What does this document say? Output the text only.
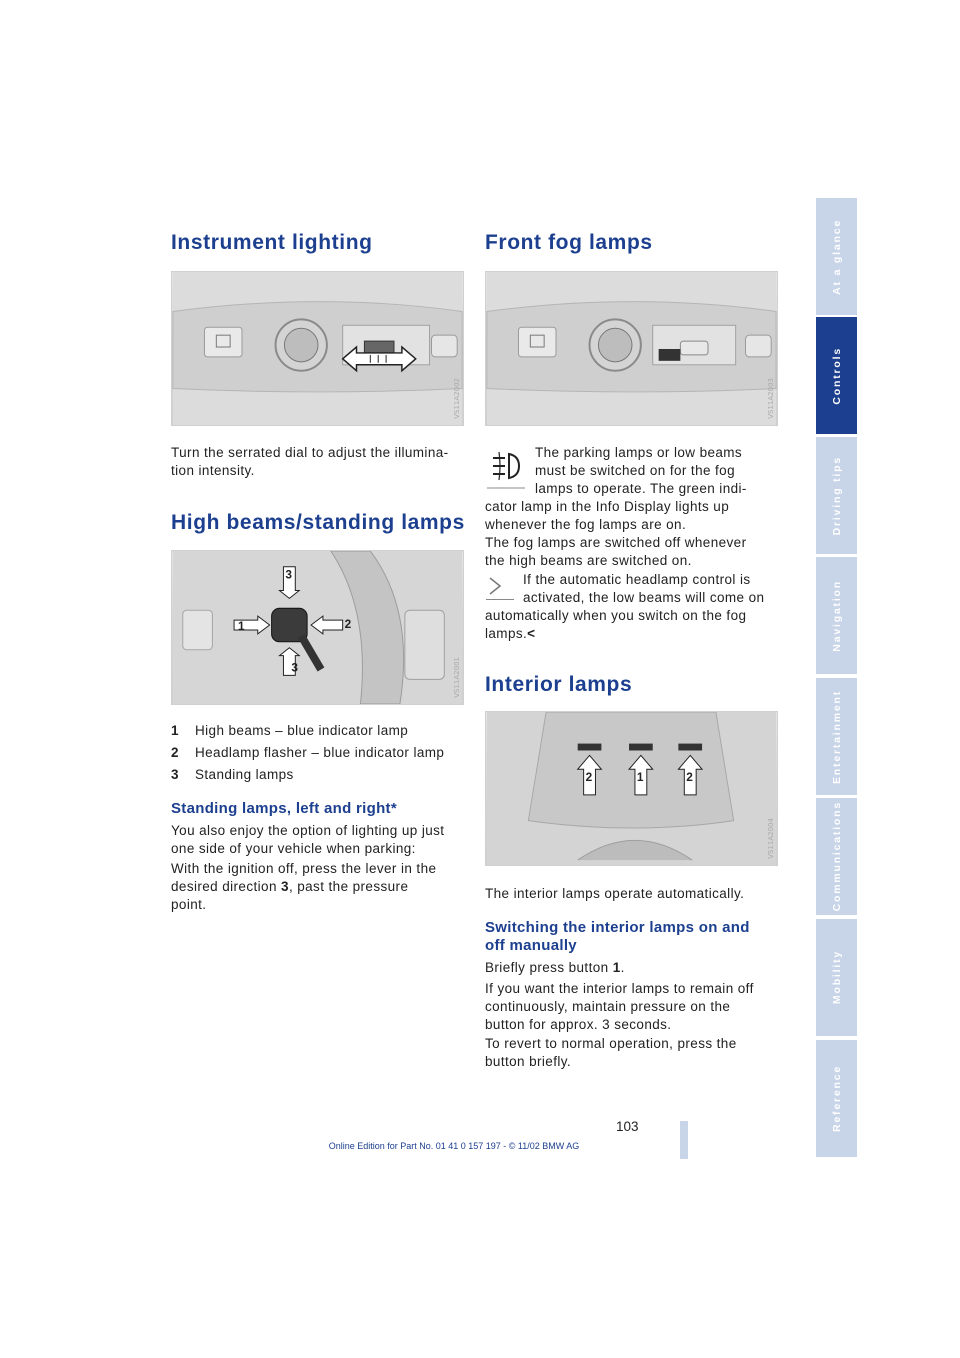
Instrument lighting
VS11A2002
Turn the serrated dial to adjust the illumina-
tion intensity.
High beams/standing lamps
3
1	2
3	VS11A2001
1 High beams – blue indicator lamp
2 Headlamp flasher – blue indicator lamp
3 Standing lamps
Standing lamps, left and right*
You also enjoy the option of lighting up just
one side of your vehicle when parking:
With the ignition off, press the lever in the
desired direction 3, past the pressure
point.
Front fog lamps
VS11A2003
The parking lamps or low beams
must be switched on for the fog
lamps to operate. The green indi-
cator lamp in the Info Display lights up
whenever the fog lamps are on.
The fog lamps are switched off whenever
the high beams are switched on.
If the automatic headlamp control is
activated, the low beams will come on
automatically when you switch on the fog
lamps.<
Interior lamps
2	1	2
VS11A2004
The interior lamps operate automatically.
Switching the interior lamps on and
off manually
Briefly press button 1.
If you want the interior lamps to remain off
continuously, maintain pressure on the
button for approx. 3 seconds.
To revert to normal operation, press the
button briefly.
At a glance
Controls
Driving tips
Navigation
Entertainment
Communications
Mobility
Reference
103
Online Edition for Part No. 01 41 0 157 197 - © 11/02 BMW AG
